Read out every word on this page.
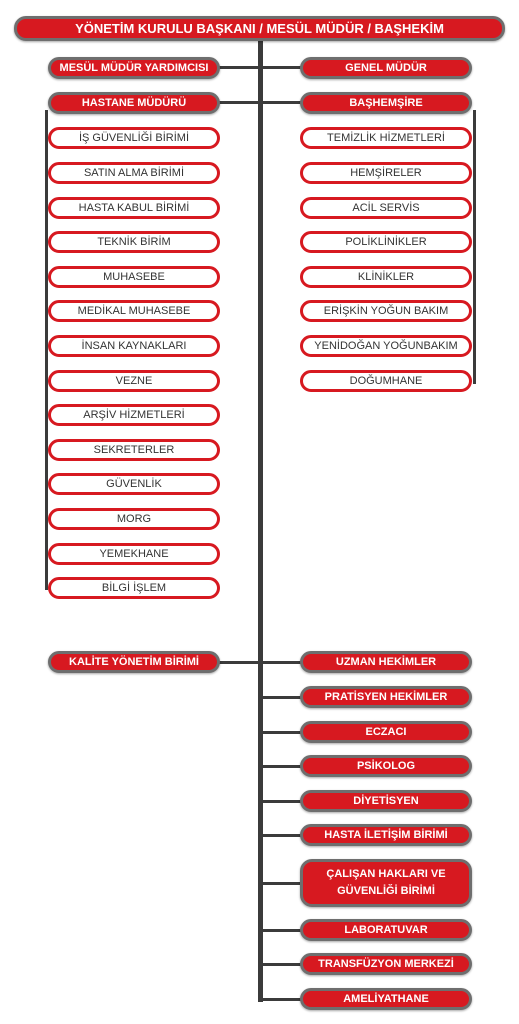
YÖNETİM KURULU BAŞKANI / MESÜL MÜDÜR / BAŞHEKİM
MESÜL MÜDÜR YARDIMCISI
HASTANE MÜDÜRÜ
KALİTE YÖNETİM BİRİMİ
GENEL MÜDÜR
BAŞHEMŞİRE
İŞ GÜVENLİĞİ BİRİMİ
SATIN ALMA BİRİMİ
HASTA KABUL BİRİMİ
TEKNİK BİRİM
MUHASEBE
MEDİKAL MUHASEBE
İNSAN KAYNAKLARI
VEZNE
ARŞİV HİZMETLERİ
SEKRETERLER
GÜVENLİK
MORG
YEMEKHANE
BİLGİ İŞLEM
TEMİZLİK HİZMETLERİ
HEMŞİRELER
ACİL SERVİS
POLİKLİNİKLER
KLİNİKLER
ERİŞKİN YOĞUN BAKIM
YENİDOĞAN YOĞUNBAKIM
DOĞUMHANE
UZMAN HEKİMLER
PRATİSYEN HEKİMLER
ECZACI
PSİKOLOG
DİYETİSYEN
HASTA İLETİŞİM BİRİMİ
ÇALIŞAN HAKLARI VE GÜVENLİĞİ BİRİMİ
LABORATUVAR
TRANSFÜZYON MERKEZİ
AMELİYATHANE
